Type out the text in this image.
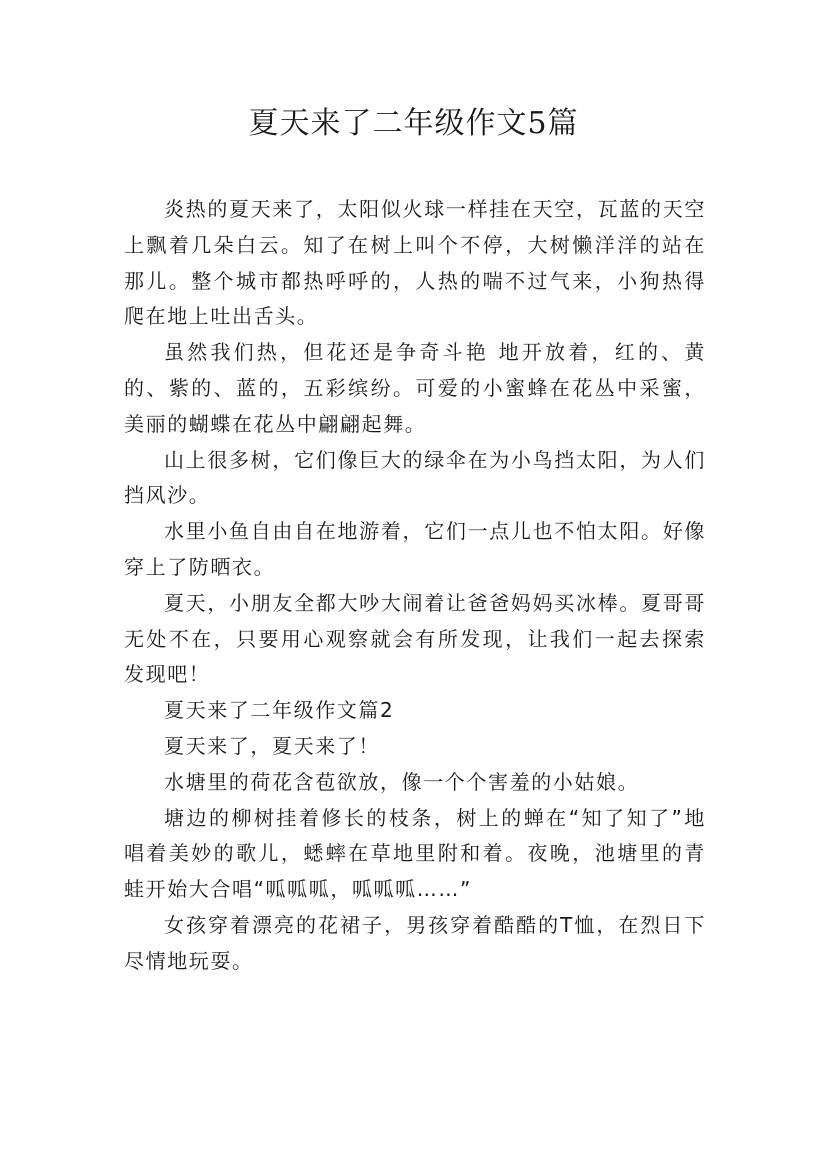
夏天来了二年级作文5篇

炎热的夏天来了，太阳似火球一样挂在天空，瓦蓝的天空上飘着几朵白云。知了在树上叫个不停，大树懒洋洋的站在那儿。整个城市都热呼呼的，人热的喘不过气来，小狗热得爬在地上吐出舌头。

虽然我们热，但花还是争奇斗艳 地开放着，红的、黄的、紫的、蓝的，五彩缤纷。可爱的小蜜蜂在花丛中采蜜，美丽的蝴蝶在花丛中翩翩起舞。

山上很多树，它们像巨大的绿伞在为小鸟挡太阳，为人们挡风沙。

水里小鱼自由自在地游着，它们一点儿也不怕太阳。好像穿上了防晒衣。

夏天，小朋友全都大吵大闹着让爸爸妈妈买冰棒。夏哥哥无处不在，只要用心观察就会有所发现，让我们一起去探索发现吧！

夏天来了二年级作文篇2

夏天来了，夏天来了！

水塘里的荷花含苞欲放，像一个个害羞的小姑娘。

塘边的柳树挂着修长的枝条，树上的蝉在“知了知了”地唱着美妙的歌儿，蟋蟀在草地里附和着。夜晚，池塘里的青蛙开始大合唱“呱呱呱，呱呱呱……”

女孩穿着漂亮的花裙子，男孩穿着酷酷的T恤，在烈日下尽情地玩耍。
